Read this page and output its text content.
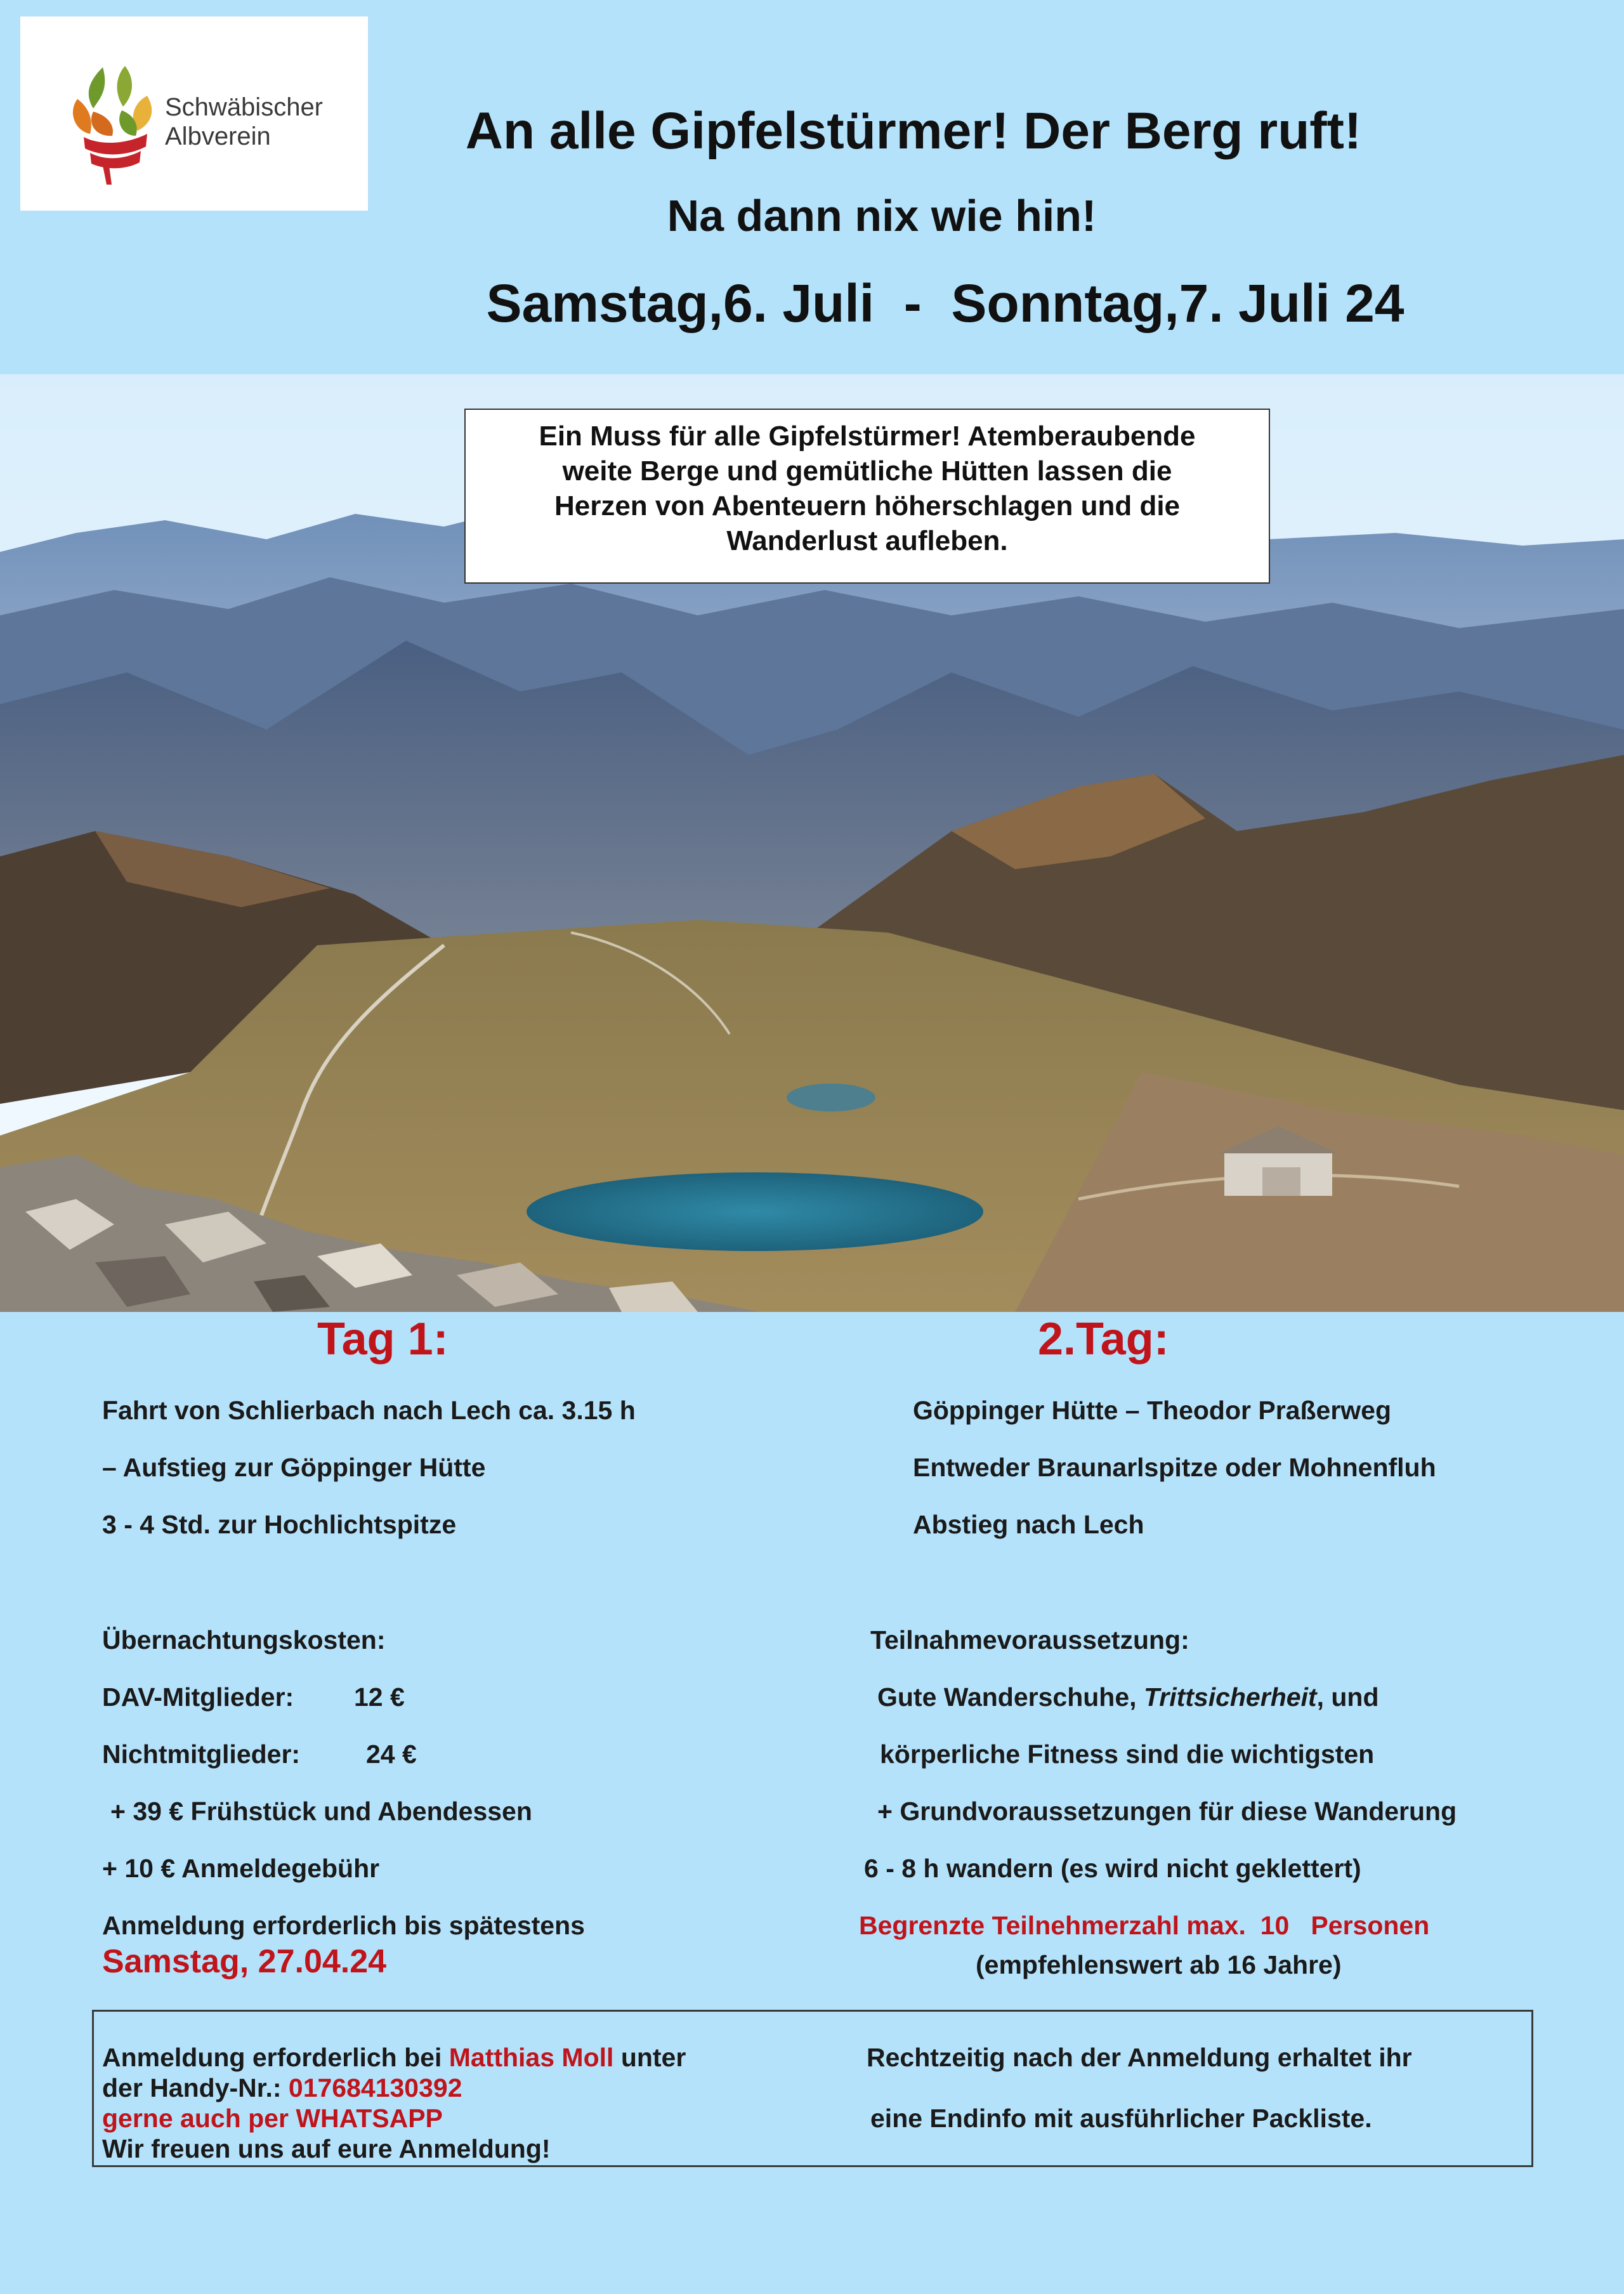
Schwäbischer
Albverein	An alle Gipfelstürmer! Der Berg ruft!
Na dann nix wie hin!
Samstag,6. Juli  -  Sonntag,7. Juli 24
Ein Muss für alle Gipfelstürmer! Atemberaubende
weite Berge und gemütliche Hütten lassen die
Herzen von Abenteuern höherschlagen und die
Wanderlust aufleben.
Tag 1:	2.Tag:
Fahrt von Schlierbach nach Lech ca. 3.15 h
– Aufstieg zur Göppinger Hütte
3 - 4 Std. zur Hochlichtspitze
Göppinger Hütte – Theodor Praßerweg
Entweder Braunarlspitze oder Mohnenfluh
Abstieg nach Lech
Übernachtungskosten:
DAV-Mitglieder: 12 €
Nichtmitglieder:	24 €
+ 39 € Frühstück und Abendessen
+ 10 € Anmeldegebühr
Anmeldung erforderlich bis spätestens
Samstag, 27.04.24
Teilnahmevoraussetzung:
Gute Wanderschuhe, Trittsicherheit, und
körperliche Fitness sind die wichtigsten
+ Grundvoraussetzungen für diese Wanderung
6 - 8 h wandern (es wird nicht geklettert)
Begrenzte Teilnehmerzahl max.  10   Personen
(empfehlenswert ab 16 Jahre)
Anmeldung erforderlich bei Matthias Moll unter
der Handy-Nr.: 017684130392
gerne auch per WHATSAPP
Wir freuen uns auf eure Anmeldung!
Rechtzeitig nach der Anmeldung erhaltet ihr
eine Endinfo mit ausführlicher Packliste.
